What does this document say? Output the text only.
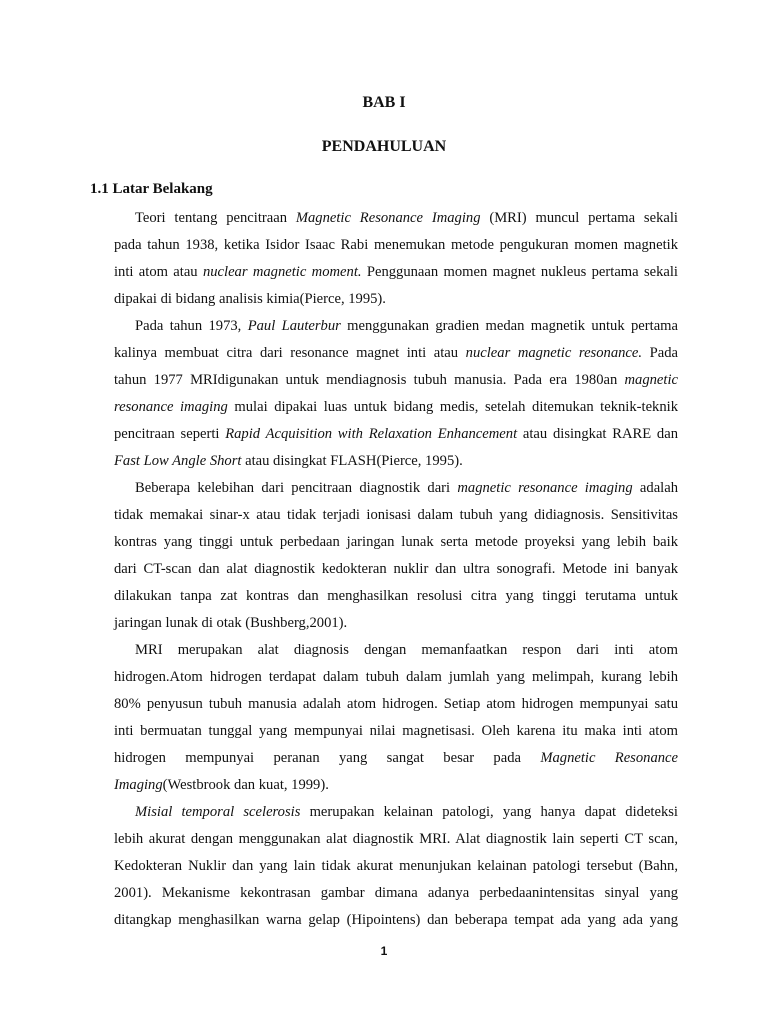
BAB I
PENDAHULUAN
1.1 Latar Belakang
Teori tentang pencitraan Magnetic Resonance Imaging (MRI) muncul pertama sekali
pada tahun 1938, ketika Isidor Isaac Rabi menemukan metode pengukuran momen magnetik
inti atom atau nuclear magnetic moment. Penggunaan momen magnet nukleus pertama sekali
dipakai di bidang analisis kimia(Pierce, 1995).
Pada tahun 1973, Paul Lauterbur menggunakan gradien medan magnetik untuk pertama
kalinya membuat citra dari resonance magnet inti atau nuclear magnetic resonance. Pada
tahun 1977 MRIdigunakan untuk mendiagnosis tubuh manusia. Pada era 1980an magnetic
resonance imaging mulai dipakai luas untuk bidang medis, setelah ditemukan teknik-teknik
pencitraan seperti Rapid Acquisition with Relaxation Enhancement atau disingkat RARE dan
Fast Low Angle Short atau disingkat FLASH(Pierce, 1995).
Beberapa kelebihan dari pencitraan diagnostik dari magnetic resonance imaging adalah
tidak memakai sinar-x atau tidak terjadi ionisasi dalam tubuh yang didiagnosis. Sensitivitas
kontras yang tinggi untuk perbedaan jaringan lunak serta metode proyeksi yang lebih baik
dari CT-scan dan alat diagnostik kedokteran nuklir dan ultra sonografi. Metode ini banyak
dilakukan tanpa zat kontras dan menghasilkan resolusi citra yang tinggi terutama untuk
jaringan lunak di otak (Bushberg,2001).
MRI merupakan alat diagnosis dengan memanfaatkan respon dari inti atom
hidrogen.Atom hidrogen terdapat dalam tubuh dalam jumlah yang melimpah, kurang lebih
80% penyusun tubuh manusia adalah atom hidrogen. Setiap atom hidrogen mempunyai satu
inti bermuatan tunggal yang mempunyai nilai magnetisasi. Oleh karena itu maka inti atom
hidrogen mempunyai peranan yang sangat besar pada Magnetic Resonance
Imaging(Westbrook dan kuat, 1999).
Misial temporal scelerosis merupakan kelainan patologi, yang hanya dapat dideteksi
lebih akurat dengan menggunakan alat diagnostik MRI. Alat diagnostik lain seperti CT scan,
Kedokteran Nuklir dan yang lain tidak akurat menunjukan kelainan patologi tersebut (Bahn,
2001). Mekanisme kekontrasan gambar dimana adanya perbedaanintensitas sinyal yang
ditangkap menghasilkan warna gelap (Hipointens) dan beberapa tempat ada yang ada yang
1
